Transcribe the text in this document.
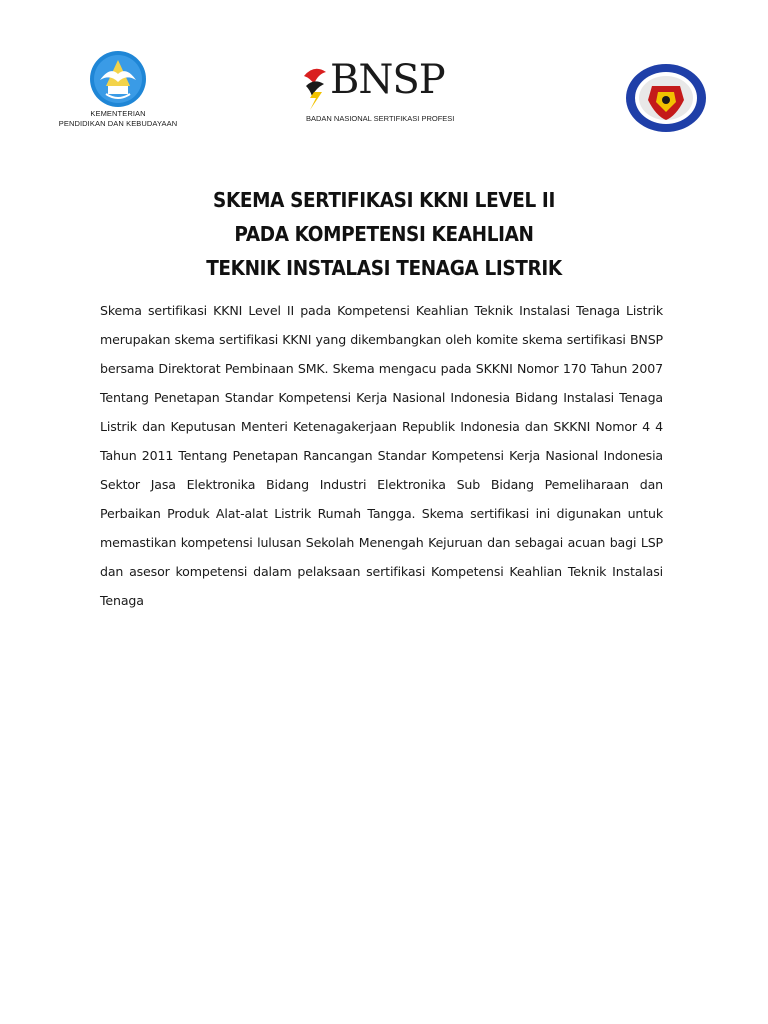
KEMENTERIAN
PENDIDIKAN DAN KEBUDAYAAN
BNSP
BADAN NASIONAL SERTIFIKASI PROFESI
SKEMA SERTIFIKASI KKNI LEVEL II
PADA KOMPETENSI KEAHLIAN
TEKNIK INSTALASI TENAGA LISTRIK
Skema sertifikasi KKNI Level II pada Kompetensi Keahlian Teknik Instalasi Tenaga Listrik
merupakan skema sertifikasi KKNI yang dikembangkan oleh komite skema sertifikasi BNSP
bersama Direktorat Pembinaan SMK. Skema mengacu pada SKKNI Nomor 170 Tahun 2007
Tentang Penetapan Standar Kompetensi Kerja Nasional Indonesia Bidang Instalasi Tenaga
Listrik dan Keputusan Menteri Ketenagakerjaan Republik Indonesia dan SKKNI Nomor 4 4
Tahun 2011 Tentang Penetapan Rancangan Standar Kompetensi Kerja Nasional Indonesia
Sektor Jasa Elektronika Bidang Industri Elektronika Sub Bidang Pemeliharaan dan
Perbaikan Produk Alat-alat Listrik Rumah Tangga. Skema sertifikasi ini digunakan untuk
memastikan kompetensi lulusan Sekolah Menengah Kejuruan dan sebagai acuan bagi LSP
dan asesor kompetensi dalam pelaksaan sertifikasi Kompetensi Keahlian Teknik Instalasi
Tenaga
